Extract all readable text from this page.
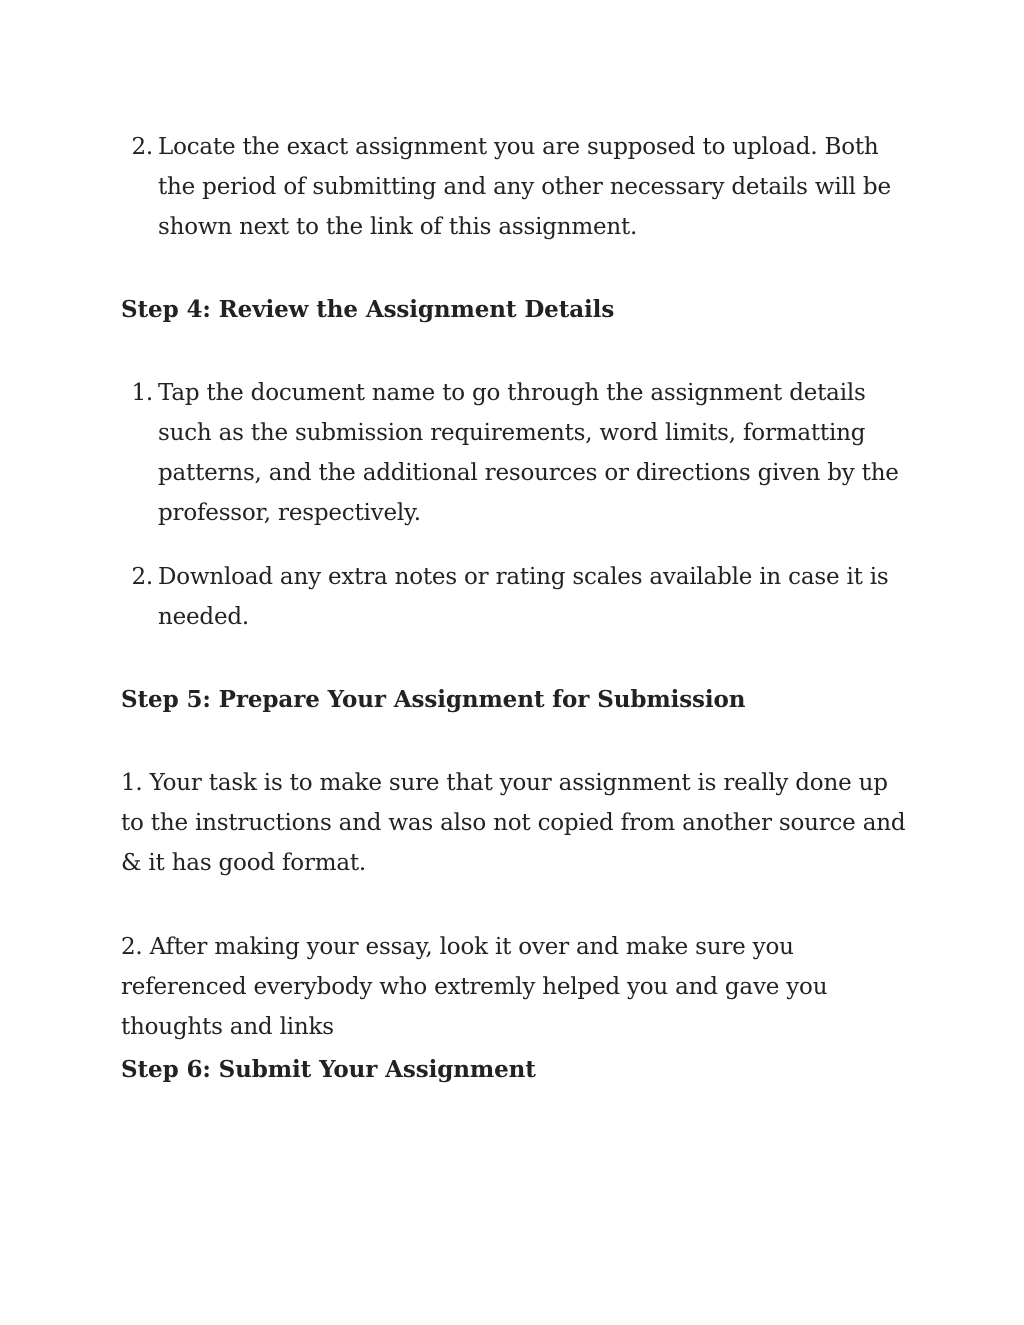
2. Locate the exact assignment you are supposed to upload. Both the period of submitting and any other necessary details will be shown next to the link of this assignment.
Step 4: Review the Assignment Details
1. Tap the document name to go through the assignment details such as the submission requirements, word limits, formatting patterns, and the additional resources or directions given by the professor, respectively.
2. Download any extra notes or rating scales available in case it is needed.
Step 5: Prepare Your Assignment for Submission
1. Your task is to make sure that your assignment is really done up to the instructions and was also not copied from another source and & it has good format.
2. After making your essay, look it over and make sure you referenced everybody who extremly helped you and gave you thoughts and links
Step 6: Submit Your Assignment
